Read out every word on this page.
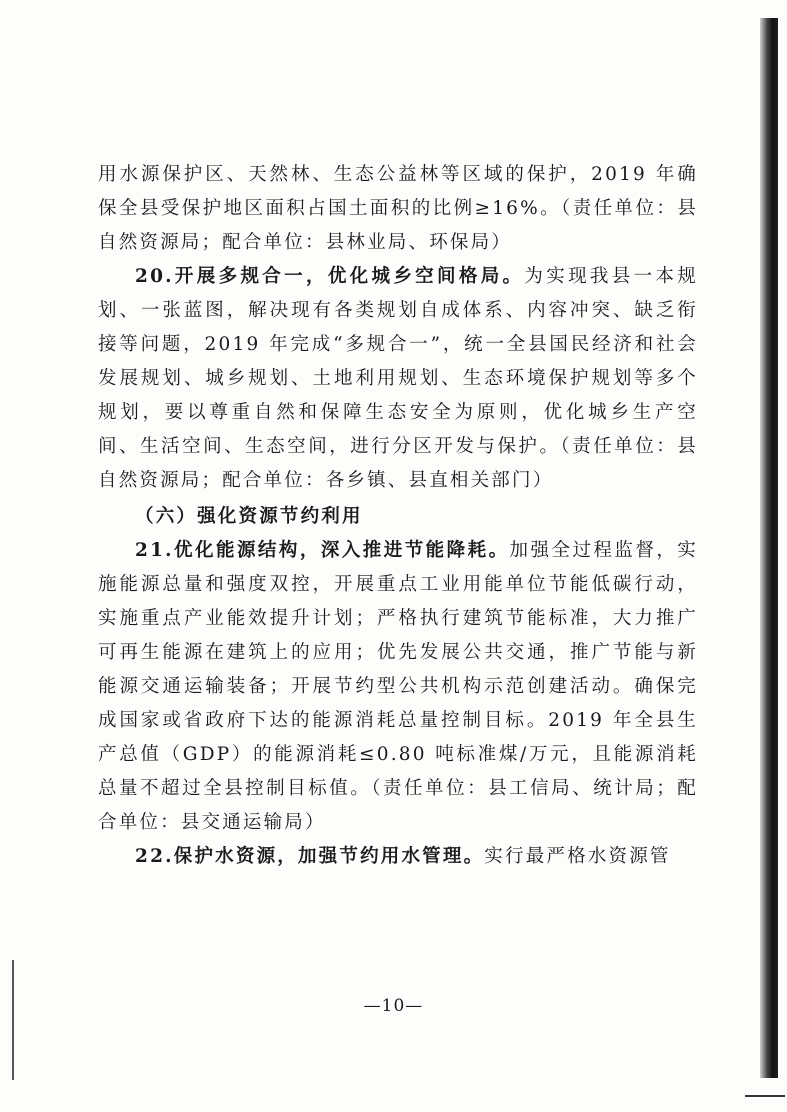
用水源保护区、天然林、生态公益林等区域的保护，2019 年确保全县受保护地区面积占国土面积的比例≥16%。（责任单位：县自然资源局；配合单位：县林业局、环保局）

20.开展多规合一，优化城乡空间格局。为实现我县一本规划、一张蓝图，解决现有各类规划自成体系、内容冲突、缺乏衔接等问题，2019 年完成“多规合一”，统一全县国民经济和社会发展规划、城乡规划、土地利用规划、生态环境保护规划等多个规划，要以尊重自然和保障生态安全为原则，优化城乡生产空间、生活空间、生态空间，进行分区开发与保护。（责任单位：县自然资源局；配合单位：各乡镇、县直相关部门）

（六）强化资源节约利用

21.优化能源结构，深入推进节能降耗。加强全过程监督，实施能源总量和强度双控，开展重点工业用能单位节能低碳行动，实施重点产业能效提升计划；严格执行建筑节能标准，大力推广可再生能源在建筑上的应用；优先发展公共交通，推广节能与新能源交通运输装备；开展节约型公共机构示范创建活动。确保完成国家或省政府下达的能源消耗总量控制目标。2019 年全县生产总值（GDP）的能源消耗≤0.80 吨标准煤/万元，且能源消耗总量不超过全县控制目标值。（责任单位：县工信局、统计局；配合单位：县交通运输局）

22.保护水资源，加强节约用水管理。实行最严格水资源管

—10—
